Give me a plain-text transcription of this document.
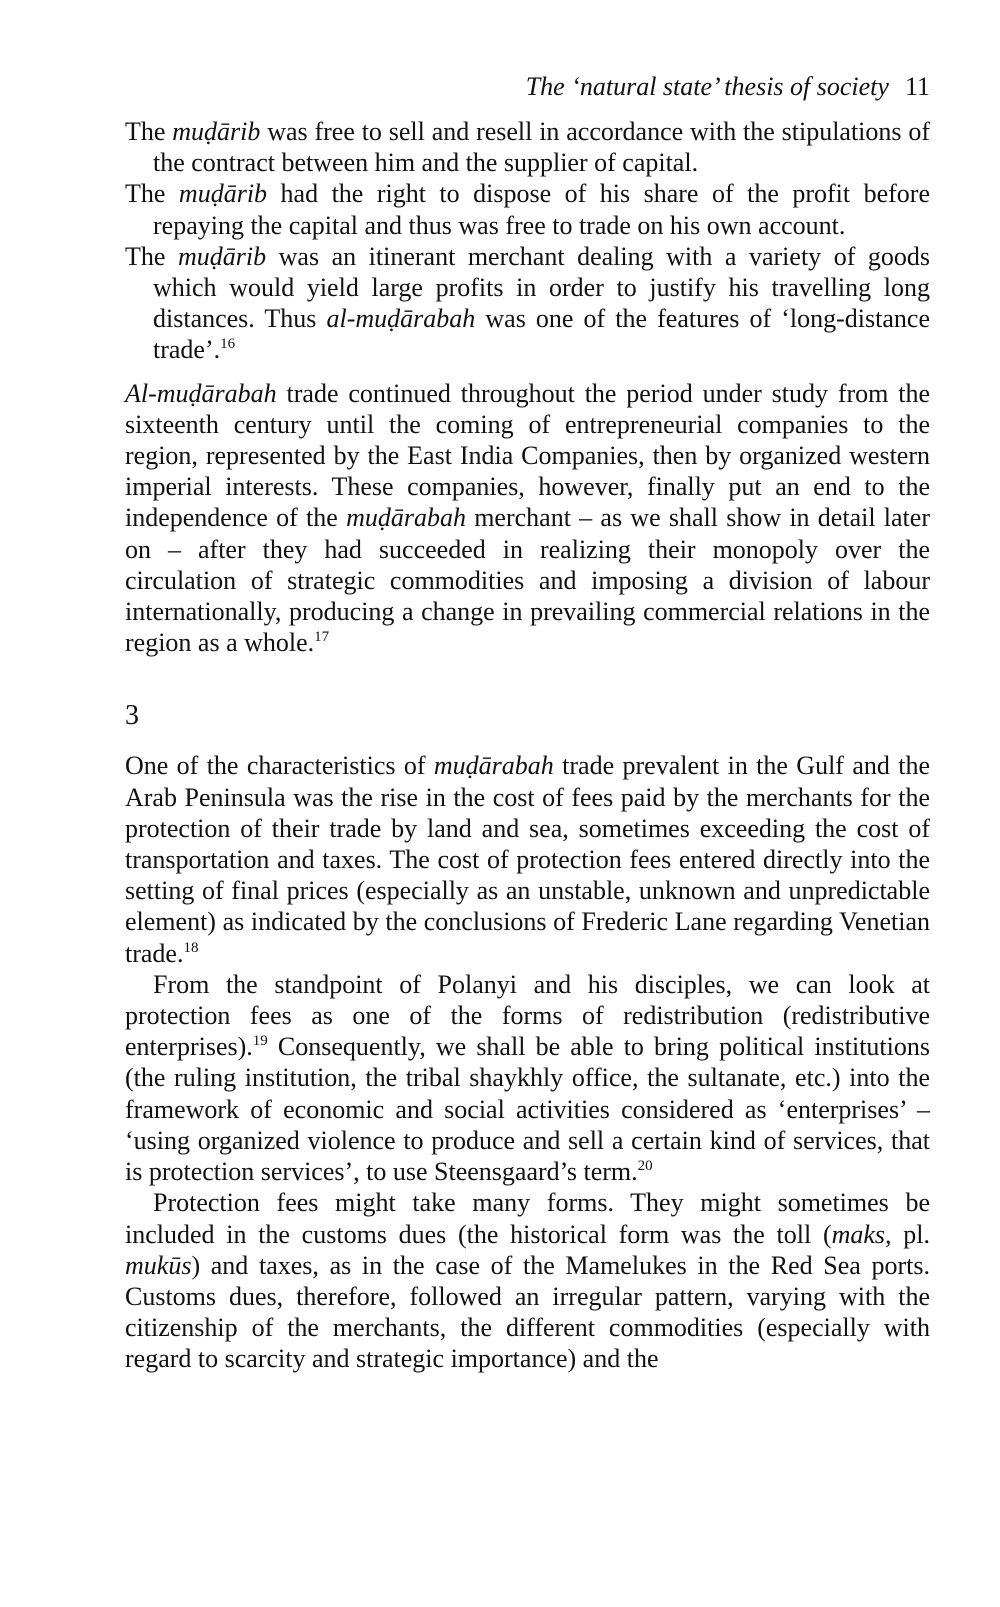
The ‘natural state’ thesis of society 11

The muḍārib was free to sell and resell in accordance with the stipulations of the contract between him and the supplier of capital.

The muḍārib had the right to dispose of his share of the profit before repaying the capital and thus was free to trade on his own account.

The muḍārib was an itinerant merchant dealing with a variety of goods which would yield large profits in order to justify his travelling long distances. Thus al-muḍārabah was one of the features of ‘long-distance trade’.$^{16}$

Al-muḍārabah trade continued throughout the period under study from the sixteenth century until the coming of entrepreneurial companies to the region, represented by the East India Companies, then by organized western imperial interests. These companies, however, finally put an end to the independence of the muḍārabah merchant – as we shall show in detail later on – after they had succeeded in realizing their monopoly over the circulation of strategic commodities and imposing a division of labour internationally, producing a change in prevailing commercial relations in the region as a whole.$^{17}$

3

One of the characteristics of muḍārabah trade prevalent in the Gulf and the Arab Peninsula was the rise in the cost of fees paid by the merchants for the protection of their trade by land and sea, sometimes exceeding the cost of transportation and taxes. The cost of protection fees entered directly into the setting of final prices (especially as an unstable, unknown and unpredictable element) as indicated by the conclusions of Frederic Lane regarding Venetian trade.$^{18}$

From the standpoint of Polanyi and his disciples, we can look at protection fees as one of the forms of redistribution (redistributive enterprises).$^{19}$ Consequently, we shall be able to bring political institutions (the ruling institution, the tribal shaykhly office, the sultanate, etc.) into the framework of economic and social activities considered as ‘enterprises’ – ‘using organized violence to produce and sell a certain kind of services, that is protection services’, to use Steensgaard’s term.$^{20}$

Protection fees might take many forms. They might sometimes be included in the customs dues (the historical form was the toll (maks, pl. mukūs) and taxes, as in the case of the Mamelukes in the Red Sea ports. Customs dues, therefore, followed an irregular pattern, varying with the citizenship of the merchants, the different commodities (especially with regard to scarcity and strategic importance) and the
